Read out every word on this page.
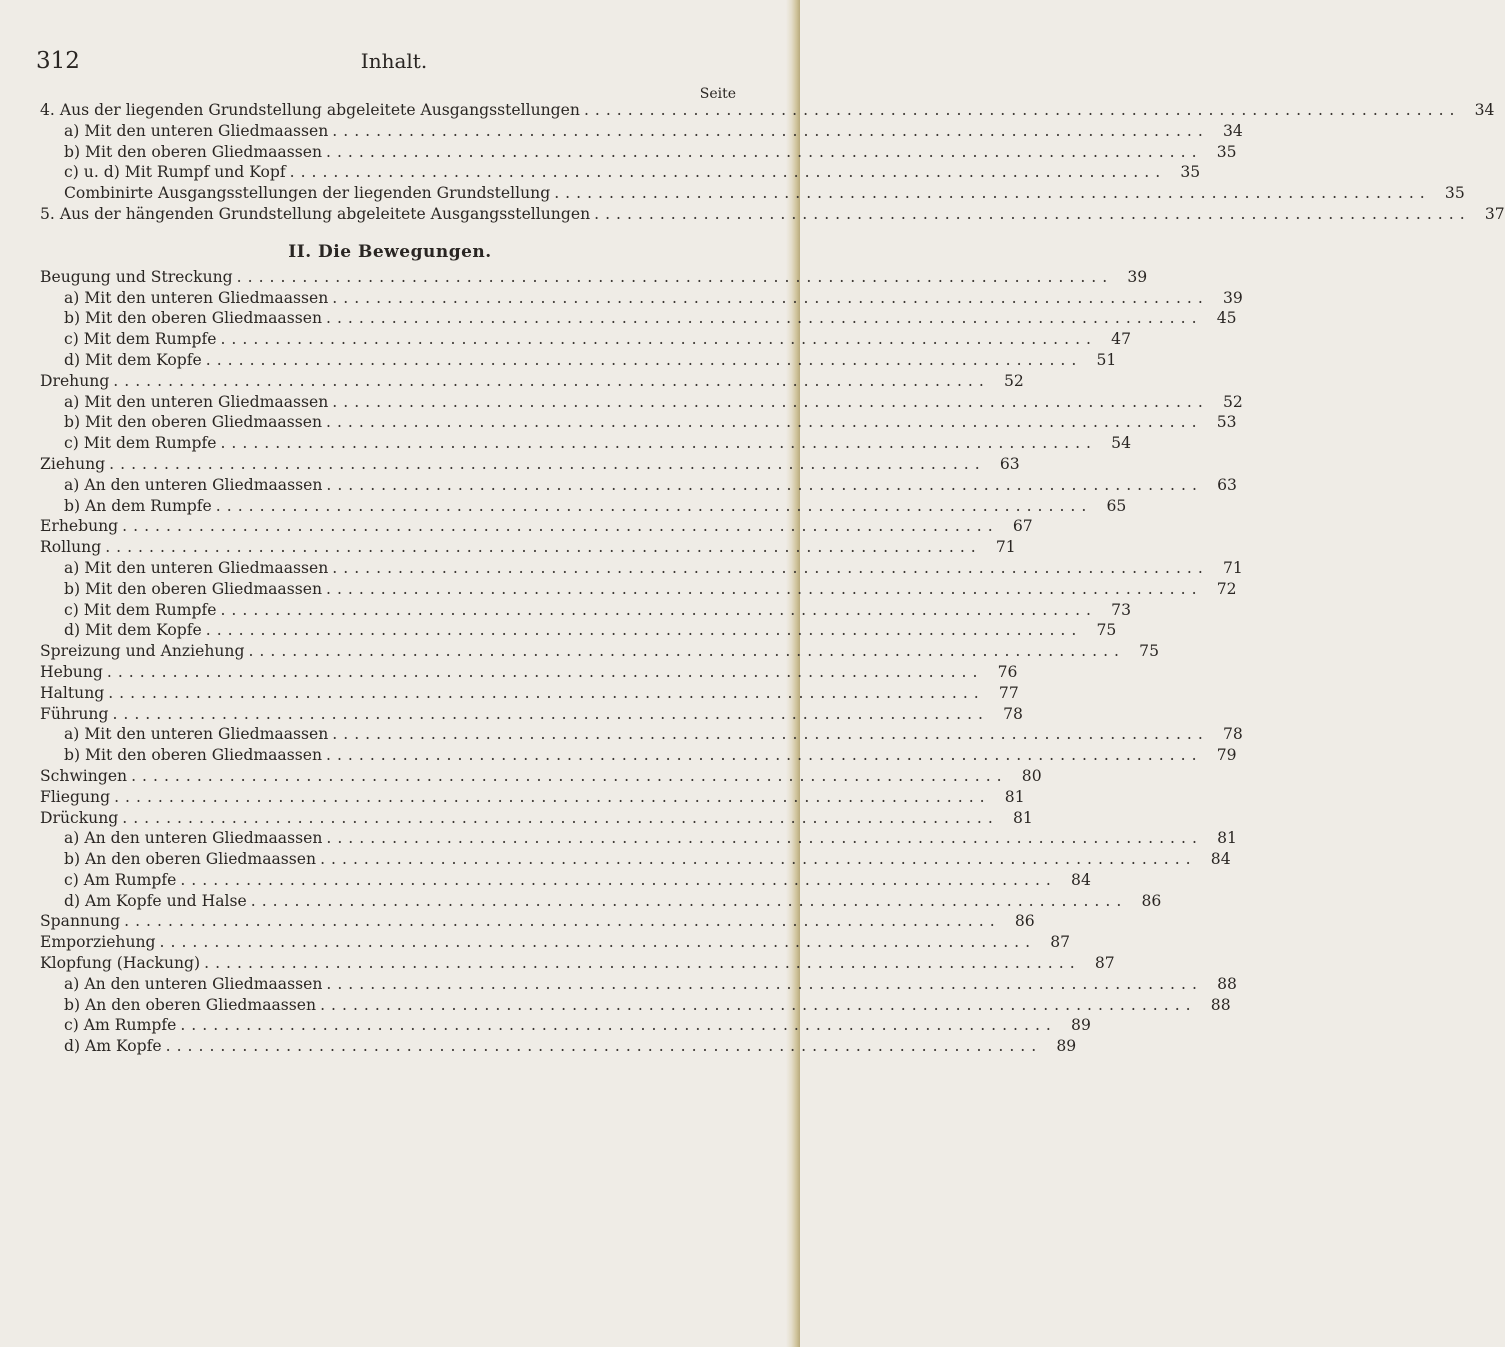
312	Inhalt.
Seite
4. Aus der liegenden Grundstellung abgeleitete Ausgangsstellungen ................................................................................ 34
a) Mit den unteren Gliedmaassen ................................................................................ 34
b) Mit den oberen Gliedmaassen ................................................................................ 35
c) u. d) Mit Rumpf und Kopf ................................................................................ 35
Combinirte Ausgangsstellungen der liegenden Grundstellung ................................................................................ 35
5. Aus der hängenden Grundstellung abgeleitete Ausgangsstellungen ................................................................................ 37
II. Die Bewegungen.
Beugung und Streckung ................................................................................ 39
a) Mit den unteren Gliedmaassen ................................................................................ 39
b) Mit den oberen Gliedmaassen ................................................................................ 45
c) Mit dem Rumpfe ................................................................................ 47
d) Mit dem Kopfe ................................................................................ 51
Drehung ................................................................................ 52
a) Mit den unteren Gliedmaassen ................................................................................ 52
b) Mit den oberen Gliedmaassen ................................................................................ 53
c) Mit dem Rumpfe ................................................................................ 54
Ziehung ................................................................................ 63
a) An den unteren Gliedmaassen ................................................................................ 63
b) An dem Rumpfe ................................................................................ 65
Erhebung ................................................................................ 67
Rollung ................................................................................ 71
a) Mit den unteren Gliedmaassen ................................................................................ 71
b) Mit den oberen Gliedmaassen ................................................................................ 72
c) Mit dem Rumpfe ................................................................................ 73
d) Mit dem Kopfe ................................................................................ 75
Spreizung und Anziehung ................................................................................ 75
Hebung ................................................................................ 76
Haltung ................................................................................ 77
Führung ................................................................................ 78
a) Mit den unteren Gliedmaassen ................................................................................ 78
b) Mit den oberen Gliedmaassen ................................................................................ 79
Schwingen ................................................................................ 80
Fliegung ................................................................................ 81
Drückung ................................................................................ 81
a) An den unteren Gliedmaassen ................................................................................ 81
b) An den oberen Gliedmaassen ................................................................................ 84
c) Am Rumpfe ................................................................................ 84
d) Am Kopfe und Halse ................................................................................ 86
Spannung ................................................................................ 86
Emporziehung ................................................................................ 87
Klopfung (Hackung) ................................................................................ 87
a) An den unteren Gliedmaassen ................................................................................ 88
b) An den oberen Gliedmaassen ................................................................................ 88
c) Am Rumpfe ................................................................................ 89
d) Am Kopfe ................................................................................ 89
